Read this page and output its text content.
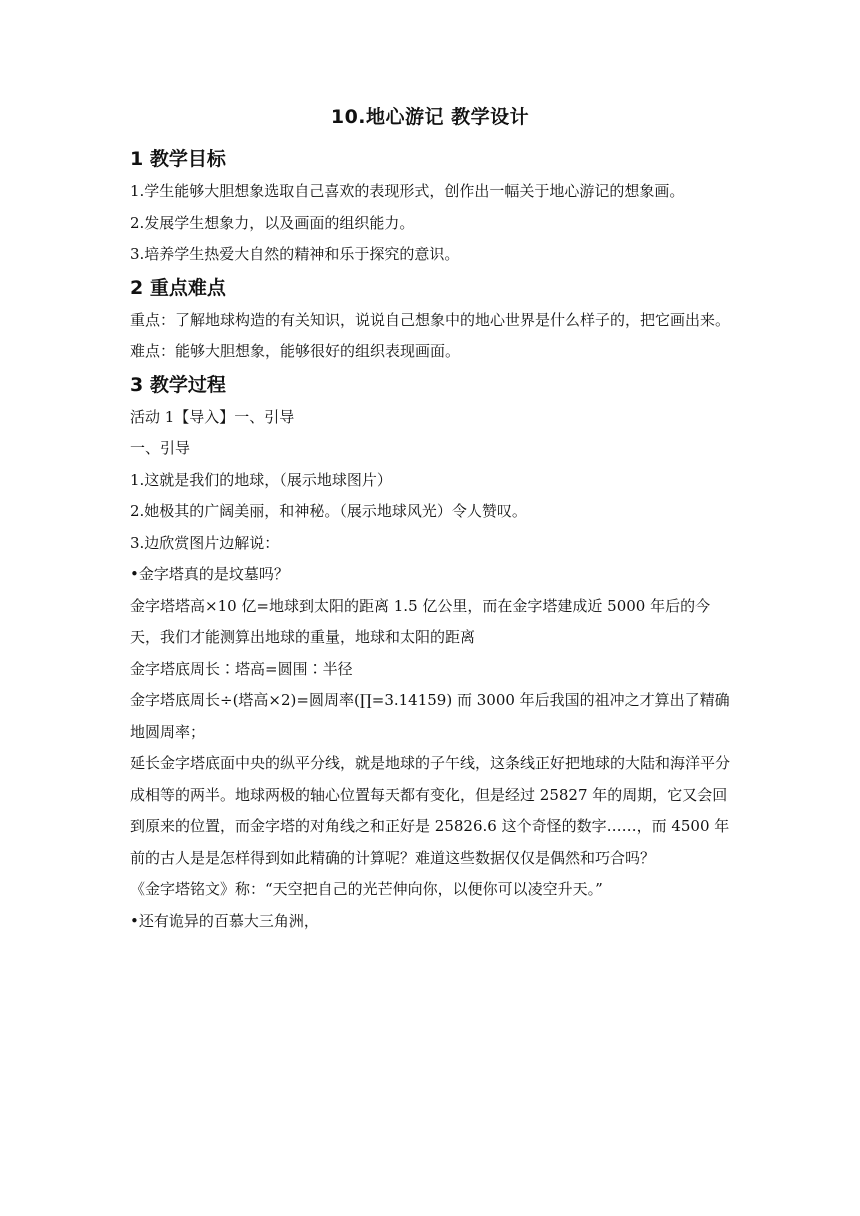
10.地心游记 教学设计
1 教学目标

1.学生能够大胆想象选取自己喜欢的表现形式，创作出一幅关于地心游记的想象画。

2.发展学生想象力，以及画面的组织能力。

3.培养学生热爱大自然的精神和乐于探究的意识。

2 重点难点

重点：了解地球构造的有关知识，说说自己想象中的地心世界是什么样子的，把它画出来。

难点：能够大胆想象，能够很好的组织表现画面。

3 教学过程

活动 1【导入】一、引导

一、引导

1.这就是我们的地球，（展示地球图片）

2.她极其的广阔美丽，和神秘。（展示地球风光）令人赞叹。

3.边欣赏图片边解说：

•金字塔真的是坟墓吗？

金字塔塔高×10 亿=地球到太阳的距离 1.5 亿公里，而在金字塔建成近 5000 年后的今天，我们才能测算出地球的重量，地球和太阳的距离

金字塔底周长∶塔高=圆围∶半径

金字塔底周长÷(塔高×2)=圆周率(∏=3.14159) 而 3000 年后我国的祖冲之才算出了精确地圆周率；

延长金字塔底面中央的纵平分线，就是地球的子午线，这条线正好把地球的大陆和海洋平分成相等的两半。地球两极的轴心位置每天都有变化，但是经过 25827 年的周期，它又会回到原来的位置，而金字塔的对角线之和正好是 25826.6 这个奇怪的数字……，而 4500 年前的古人是是怎样得到如此精确的计算呢？难道这些数据仅仅是偶然和巧合吗？

《金字塔铭文》称：“天空把自己的光芒伸向你，以便你可以凌空升天。”

•还有诡异的百慕大三角洲，
